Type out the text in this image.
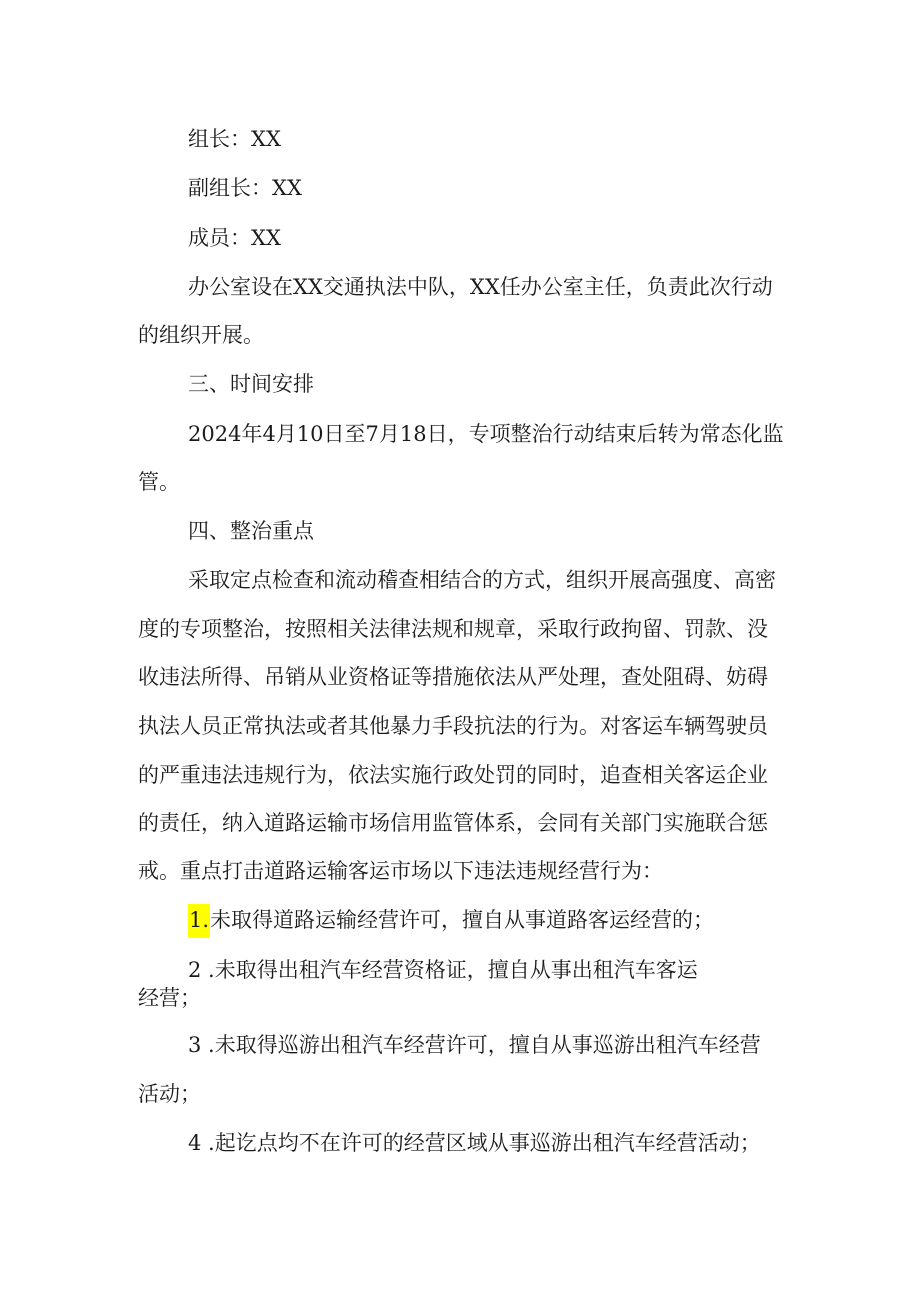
组长：XX
副组长：XX
成员：XX
办公室设在XX交通执法中队，XX任办公室主任，负责此次行动
的组织开展。
三、时间安排
2024年4月10日至7月18日，专项整治行动结束后转为常态化监
管。
四、整治重点
采取定点检查和流动稽查相结合的方式，组织开展高强度、高密
度的专项整治，按照相关法律法规和规章，采取行政拘留、罚款、没
收违法所得、吊销从业资格证等措施依法从严处理，查处阻碍、妨碍
执法人员正常执法或者其他暴力手段抗法的行为。对客运车辆驾驶员
的严重违法违规行为，依法实施行政处罚的同时，追查相关客运企业
的责任，纳入道路运输市场信用监管体系，会同有关部门实施联合惩
戒。重点打击道路运输客运市场以下违法违规经营行为：
1.未取得道路运输经营许可，擅自从事道路客运经营的；
2 .未取得出租汽车经营资格证，擅自从事出租汽车客运
经营；
3 .未取得巡游出租汽车经营许可，擅自从事巡游出租汽车经营
活动；
4 .起讫点均不在许可的经营区域从事巡游出租汽车经营活动；
